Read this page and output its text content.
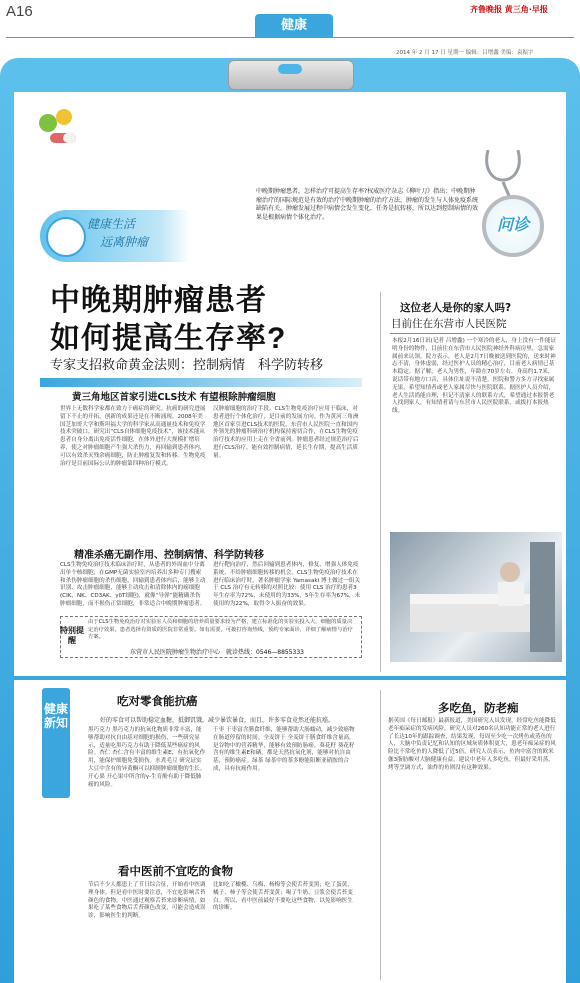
A16
健康
齐鲁晚报 黄三角·早报
2014 年 2 月 17 日 星期一 编辑：吕增鑫 美编：袁振宇
健康生活
远离肿瘤
中晚期肿瘤患者，怎样治疗可提高生存率?权威医疗杂志《柳叶刀》指出：中晚期肿瘤治疗的国际规范是有效的治疗中晚期肿瘤的治疗方法，肿瘤的发生与人体免疫系统缺陷有关，肿瘤发展过程中病情会发生变化，任务是抗转移，所以达到控制病情的效果是根据病情个体化治疗。	问诊
中晚期肿瘤患者
如何提高生存率?
专家支招救命黄金法则：控制病情　科学防转移
黄三角地区首家引进CLS技术 有望根除肿瘤细胞
世界上无数科学家都在致力于癌症的研究。抗癌的研究进展留下不止的开拓，创新的成果还是在不断涌现。2008年美国芝加哥大学和斯坦福大学的科学家从高通量技术和免疫学技术突破口，研究出“CLS自体细胞免疫技术”，该技术能从患者自身分离出免疫活性细胞，在体外进行大规模扩增培养，使之对肿瘤细胞产生强大杀伤力，再回输到患者体内，可以有效杀灭残余癌细胞，防止肿瘤复发和转移。生物免疫治疗是目前国际公认的肿瘤第四种治疗模式。
汉肿瘤细胞的治疗手段。CLS生物免疫治疗应用于临床，对患者进行个体化治疗，是目前的发展方向。作为黄河三角洲地区首家引进CLS技术的医院，东营市人民医院一直和国内外领先的肿瘤科研治疗机构保持密切合作，在CLS生物免疫治疗技术的应用上走在全省前列。肿瘤患者经过规范治疗后进行CLS治疗，能有效控制病情，延长生存期，提高生活质量。
精准杀癌无副作用、控制病情、科学防转移
CLS生物免疫治疗技术临床治疗时，从患者的外周血中分离出单个核细胞，在GMP无菌实验室内培养出多种专门搜索和杀伤肿瘤细胞的杀伤细胞，回输到患者体内后，能够主动识别、攻击肿瘤细胞，能够主动攻击和清除体内的癌细胞(CIK、NK、CD3AK、γδT细胞)，就像“导弹”能精确杀伤肿瘤细胞，而不损伤正常细胞，非常适合中晚期肿瘤患者。
进行靶向治疗，然后回输到患者体内，修复、增强人体免疫系统，不给肿瘤细胞转移的机会。CLS生物免疫治疗技术在进行临床治疗时，著名肿瘤学家 Yamasaki 博士做过一组关于 CLS 治疗有无转移的对照比较：使用 CLS 治疗的患者3年生存率为72%，未使用的为33%，5年生存率为67%，未使用的为22%，取得令人振奋的效果。
特别提醒
由于CLS生物免疫治疗对实验室人员和细胞的培养质量要求较为严格，建立标准化的实验室投入大，细胞的质量决定治疗效果，患者选择有资质的医院非常重要。如有需要，可拨打咨询热线，预约专家面诊，详细了解病情与治疗方案。
东营市人民医院肿瘤生物治疗中心　就诊热线：0546—8855333
这位老人是你的家人吗?
目前住在东营市人民医院
本报2月16日讯(记者 吕增鑫) 一个寒冷的老人，身上没有一件能证明身份的物件，目前住在东营市人民医院神经外科病房里，急需家属前来认领。院方表示，老人是2月7日晚被送到医院的，送来时神志不清，身体虚弱，经过医护人员的精心治疗，目前老人病情已基本稳定。据了解，老人为男性，年龄在70岁左右，身高约1.7米，说话带有地方口音，具体住址说不清楚。医院和警方多方寻找家属无果，希望知情者或老人家属尽快与医院联系。据医护人员介绍，老人生活尚能自理，但记不清家人的联系方式，希望通过本报帮老人找到家人。有知情者请与东营市人民医院联系，或拨打本报热线。
健康新知
吃对零食能抗癌
好的零食可以帮助稳定血糖，抵御饥饿，减少暴饮暴食，而且，许多零食竟然还能抗癌。
黑巧克力 黑巧克力的抗氧化物质非常丰富，能够帮助对抗自由基对细胞的损伤，一些研究显示，适量吃黑巧克力有助于降低某些癌症的风险。杏仁 杏仁含有丰富的维生素E，有抗氧化作用，能保护细胞免受损伤。水煮毛豆 研究证实大豆中含有的异黄酮可以抑制肿瘤细胞的生长。开心果 开心果中所含的γ-生育酚有助于降低肺癌的风险。
干枣 干枣富含膳食纤维，能够帮助大肠蠕动，减少致癌物在肠道停留的时间。全麦饼干 全麦饼干膳食纤维含量高，是谷物中的营养精华，能够有效预防肠癌。葵花籽 葵花籽含有的维生素E和硒，都是天然抗氧化剂，能够对抗自由基，预防癌症。绿茶 绿茶中的茶多酚能阻断亚硝胺的合成，具有抗癌作用。
看中医前不宜吃的食物
节后不少人都患上了节日综合征，开始看中医调理身体。但是看中医时要注意，不宜吃影响舌苔颜色的食物，中医通过观察舌苔来诊断病情，如果吃了某些食物后舌苔颜色改变，可能会造成误诊，影响医生的判断。
比如吃了橄榄、乌梅、杨梅等会使舌苔变黑；吃了蛋黄、橘子、柿子等会使舌苔变黄；喝了牛奶、豆浆会使舌苔变白。所以，看中医前最好不要吃这些食物，以免影响医生的诊断。
多吃鱼，防老痴
据英国《每日邮报》最新报道，美国研究人员发现，经常吃鱼能降低老年痴呆症的发病风险。研究人员对260名认知功能正常的老人进行了长达10年的跟踪调查，结果发现，每周至少吃一次烤鱼或蒸鱼的人，大脑中负责记忆和认知的区域灰质体积更大，患老年痴呆症的风险比不常吃鱼的人降低了近5倍。研究人员表示，鱼肉中富含的欧米伽3脂肪酸对大脑健康有益，建议中老年人多吃鱼，但最好采用蒸、烤等烹调方式，油炸的鱼则没有这种效果。
